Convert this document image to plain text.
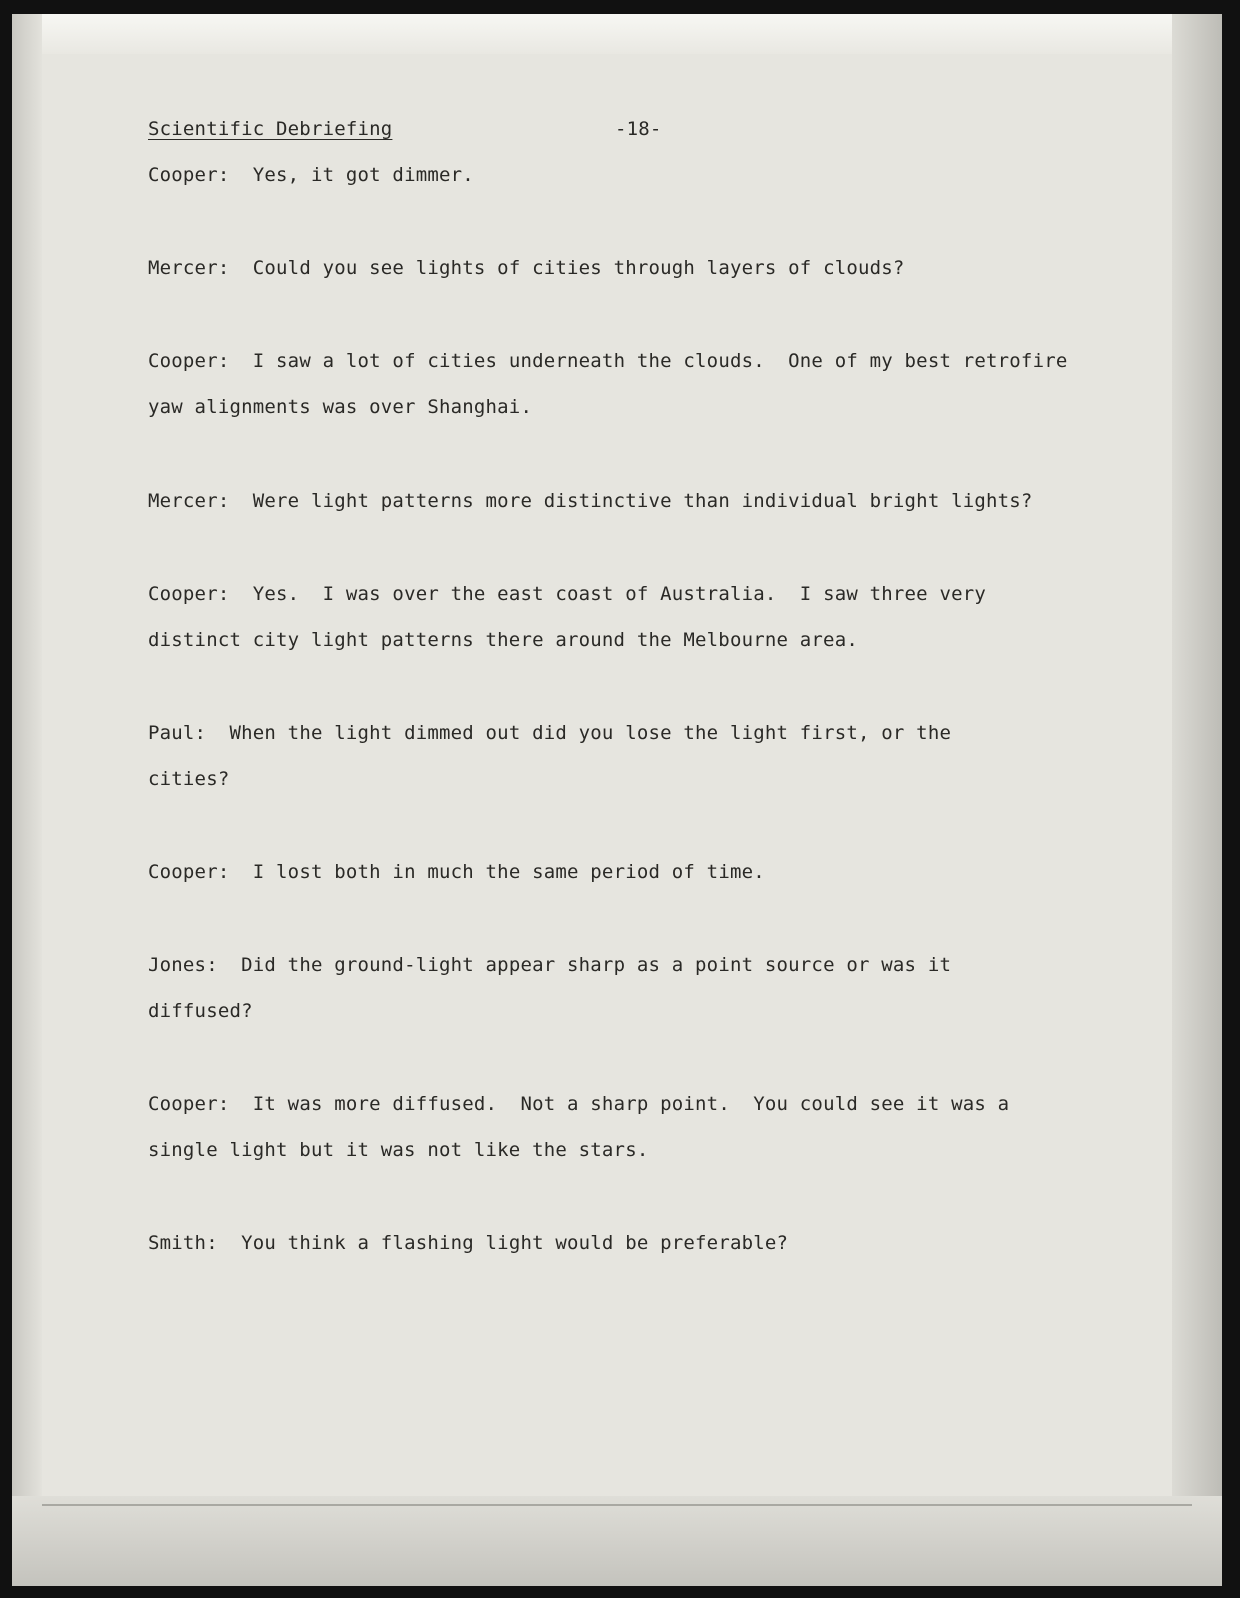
Scientific Debriefing	-18-
Cooper: Yes, it got dimmer.
Mercer: Could you see lights of cities through layers of clouds?
Cooper: I saw a lot of cities underneath the clouds.  One of my best retrofire
yaw alignments was over Shanghai.
Mercer: Were light patterns more distinctive than individual bright lights?
Cooper: Yes.  I was over the east coast of Australia.  I saw three very
distinct city light patterns there around the Melbourne area.
Paul: When the light dimmed out did you lose the light first, or the
cities?
Cooper: I lost both in much the same period of time.
Jones: Did the ground-light appear sharp as a point source or was it
diffused?
Cooper: It was more diffused.  Not a sharp point.  You could see it was a
single light but it was not like the stars.
Smith: You think a flashing light would be preferable?
